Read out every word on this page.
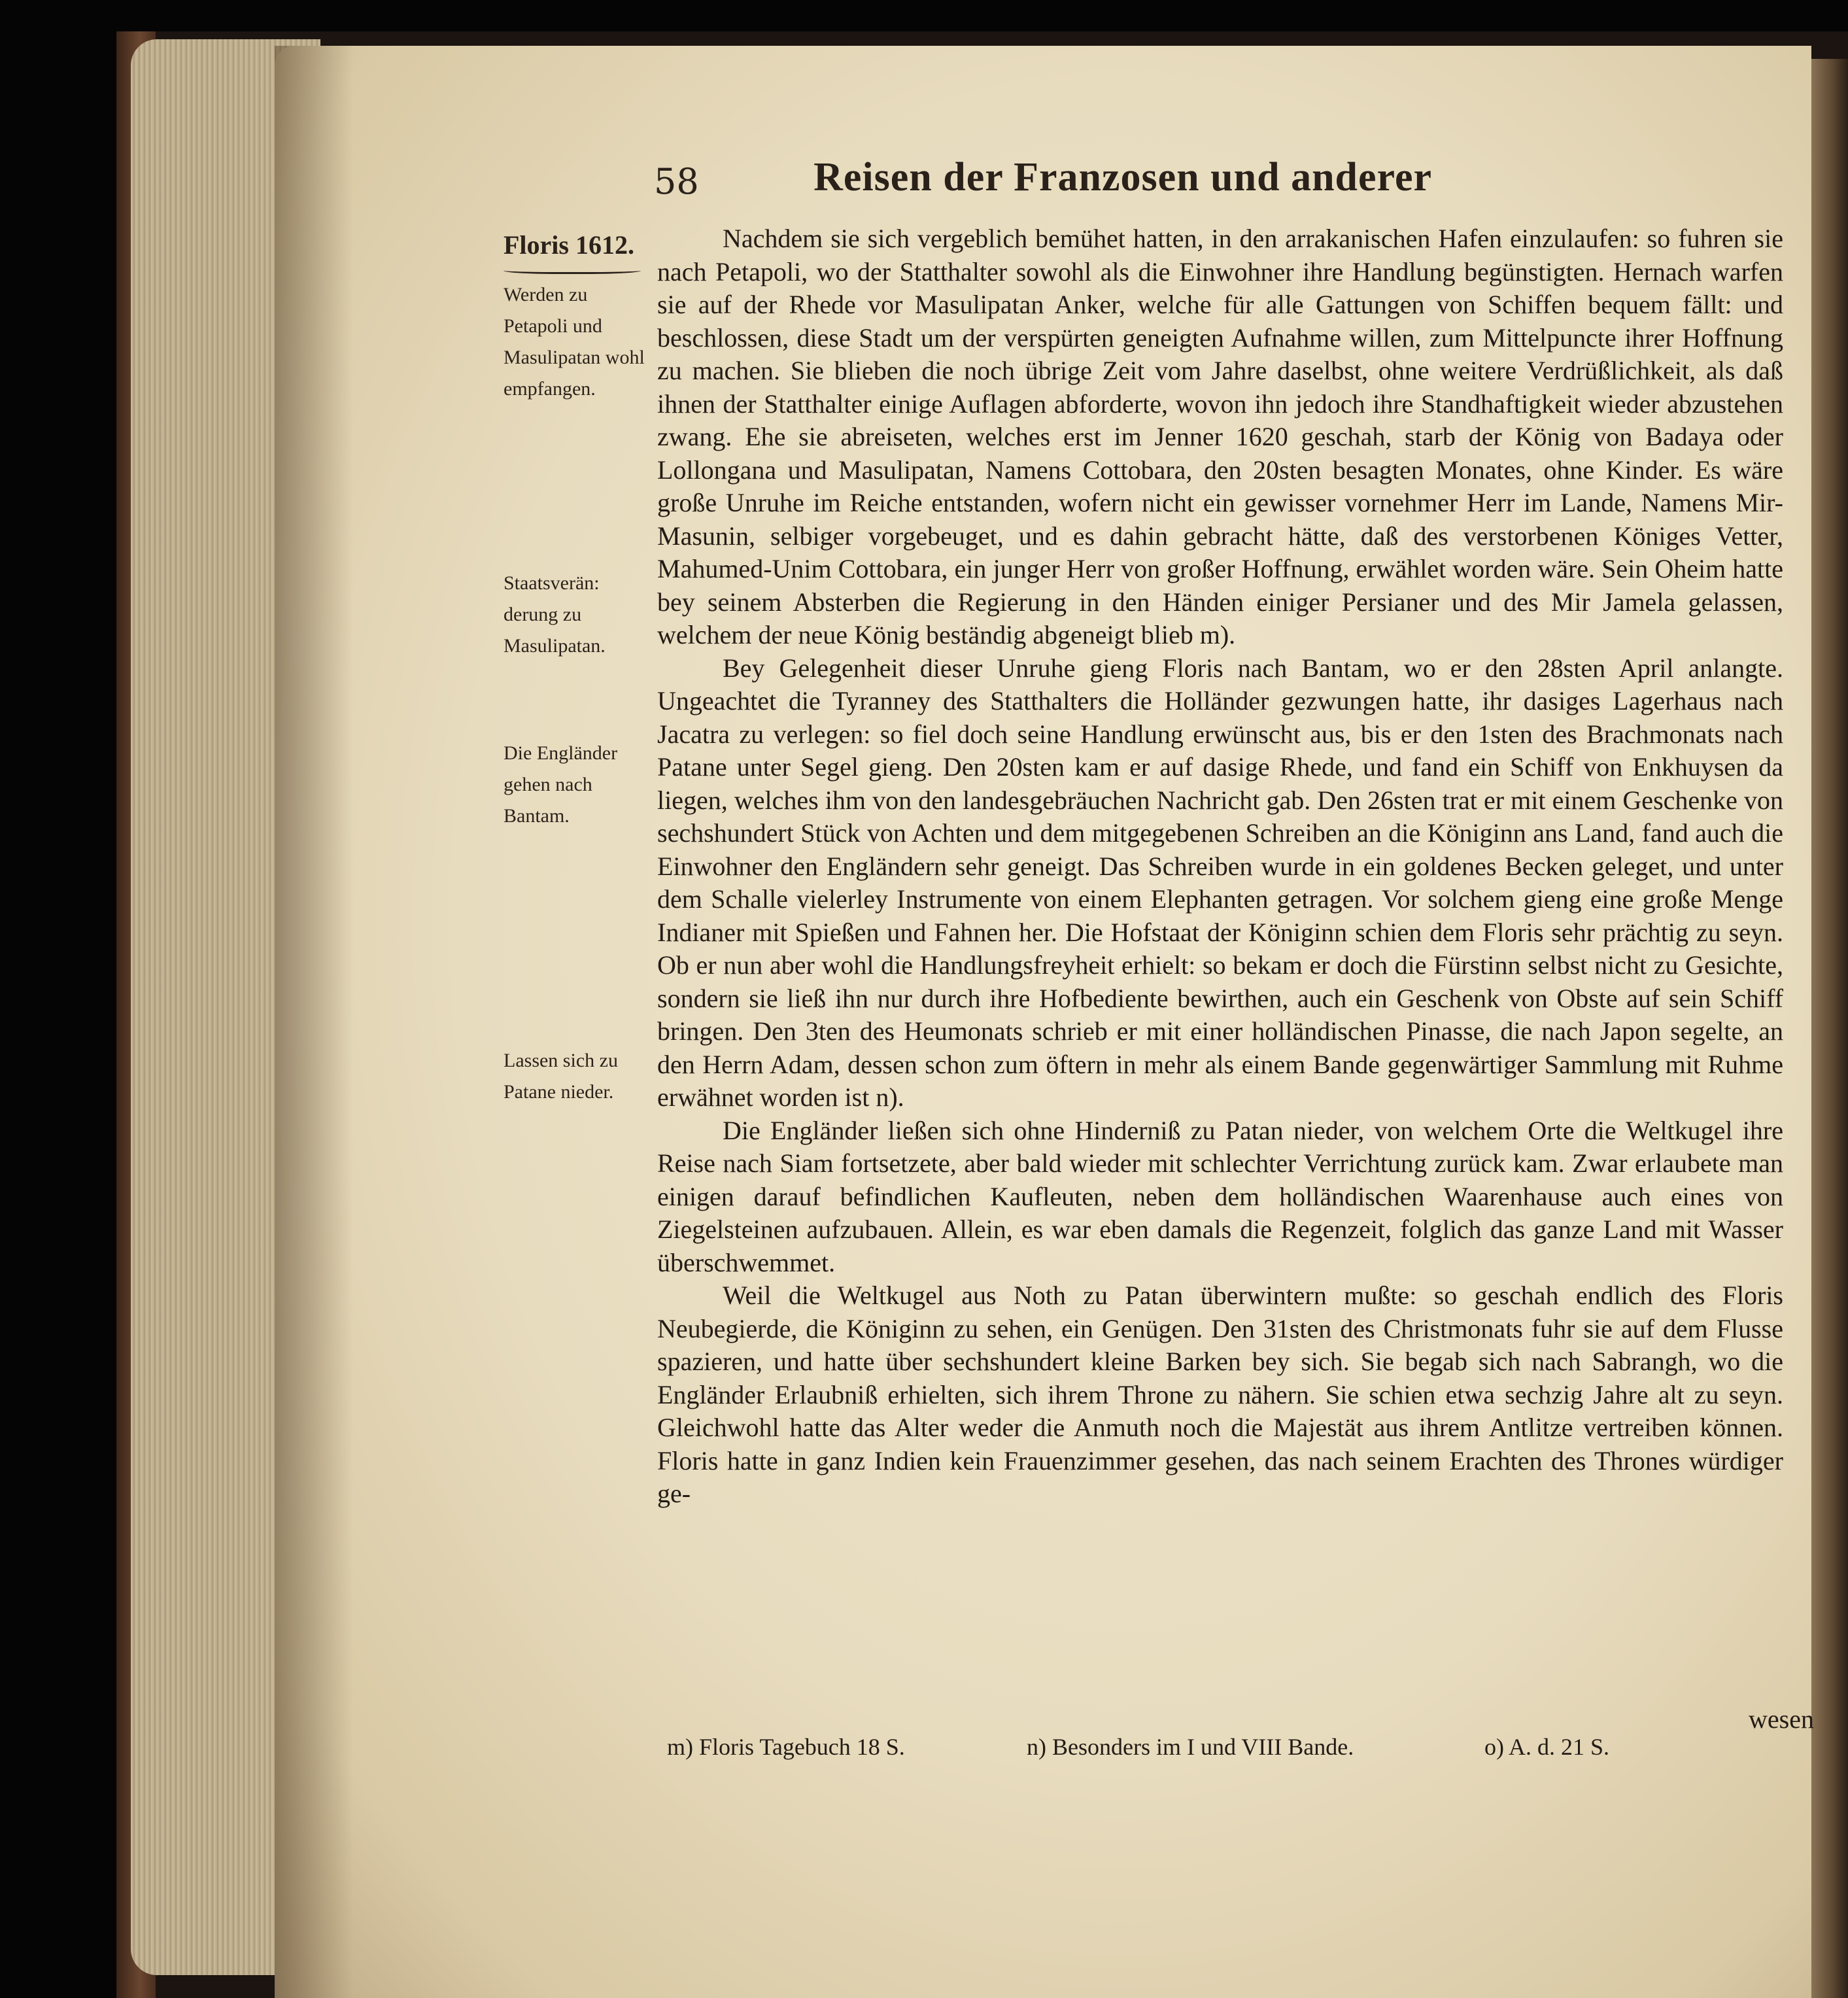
58	Reisen der Franzosen und anderer
Floris 1612.
Werden zu Petapoli und Masulipatan wohl empfangen.
Staatsverän: derung zu Masulipatan.
Die Engländer gehen nach Bantam.
Lassen sich zu Patane nieder.

Nachdem sie sich vergeblich bemühet hatten, in den arrakanischen Hafen einzulaufen: so fuhren sie nach Petapoli, wo der Statthalter sowohl als die Einwohner ihre Handlung begünstigten. Hernach warfen sie auf der Rhede vor Masulipatan Anker, welche für alle Gattungen von Schiffen bequem fällt: und beschlossen, diese Stadt um der verspürten geneigten Aufnahme willen, zum Mittelpuncte ihrer Hoffnung zu machen. Sie blieben die noch übrige Zeit vom Jahre daselbst, ohne weitere Verdrüßlichkeit, als daß ihnen der Statthalter einige Auflagen abforderte, wovon ihn jedoch ihre Standhaftigkeit wieder abzustehen zwang. Ehe sie abreiseten, welches erst im Jenner 1620 geschah, starb der König von Badaya oder Lollongana und Masulipatan, Namens Cottobara, den 20sten besagten Monates, ohne Kinder. Es wäre große Unruhe im Reiche entstanden, wofern nicht ein gewisser vornehmer Herr im Lande, Namens Mir-Masunin, selbiger vorgebeuget, und es dahin gebracht hätte, daß des verstorbenen Königes Vetter, Mahumed-Unim Cottobara, ein junger Herr von großer Hoffnung, erwählet worden wäre. Sein Oheim hatte bey seinem Absterben die Regierung in den Händen einiger Persianer und des Mir Jamela gelassen, welchem der neue König beständig abgeneigt blieb m).

Bey Gelegenheit dieser Unruhe gieng Floris nach Bantam, wo er den 28sten April anlangte. Ungeachtet die Tyranney des Statthalters die Holländer gezwungen hatte, ihr dasiges Lagerhaus nach Jacatra zu verlegen: so fiel doch seine Handlung erwünscht aus, bis er den 1sten des Brachmonats nach Patane unter Segel gieng. Den 20sten kam er auf dasige Rhede, und fand ein Schiff von Enkhuysen da liegen, welches ihm von den landesgebräuchen Nachricht gab. Den 26sten trat er mit einem Geschenke von sechshundert Stück von Achten und dem mitgegebenen Schreiben an die Königinn ans Land, fand auch die Einwohner den Engländern sehr geneigt. Das Schreiben wurde in ein goldenes Becken geleget, und unter dem Schalle vielerley Instrumente von einem Elephanten getragen. Vor solchem gieng eine große Menge Indianer mit Spießen und Fahnen her. Die Hofstaat der Königinn schien dem Floris sehr prächtig zu seyn. Ob er nun aber wohl die Handlungsfreyheit erhielt: so bekam er doch die Fürstinn selbst nicht zu Gesichte, sondern sie ließ ihn nur durch ihre Hofbediente bewirthen, auch ein Geschenk von Obste auf sein Schiff bringen. Den 3ten des Heumonats schrieb er mit einer holländischen Pinasse, die nach Japon segelte, an den Herrn Adam, dessen schon zum öftern in mehr als einem Bande gegenwärtiger Sammlung mit Ruhme erwähnet worden ist n).

Die Engländer ließen sich ohne Hinderniß zu Patan nieder, von welchem Orte die Weltkugel ihre Reise nach Siam fortsetzete, aber bald wieder mit schlechter Verrichtung zurück kam. Zwar erlaubete man einigen darauf befindlichen Kaufleuten, neben dem holländischen Waarenhause auch eines von Ziegelsteinen aufzubauen. Allein, es war eben damals die Regenzeit, folglich das ganze Land mit Wasser überschwemmet.

Weil die Weltkugel aus Noth zu Patan überwintern mußte: so geschah endlich des Floris Neubegierde, die Königinn zu sehen, ein Genügen. Den 31sten des Christmonats fuhr sie auf dem Flusse spazieren, und hatte über sechshundert kleine Barken bey sich. Sie begab sich nach Sabrangh, wo die Engländer Erlaubniß erhielten, sich ihrem Throne zu nähern. Sie schien etwa sechzig Jahre alt zu seyn. Gleichwohl hatte das Alter weder die Anmuth noch die Majestät aus ihrem Antlitze vertreiben können. Floris hatte in ganz Indien kein Frauenzimmer gesehen, das nach seinem Erachten des Thrones würdiger ge-

wesen
m) Floris Tagebuch 18 S.	n) Besonders im I und VIII Bande.	o) A. d. 21 S.
